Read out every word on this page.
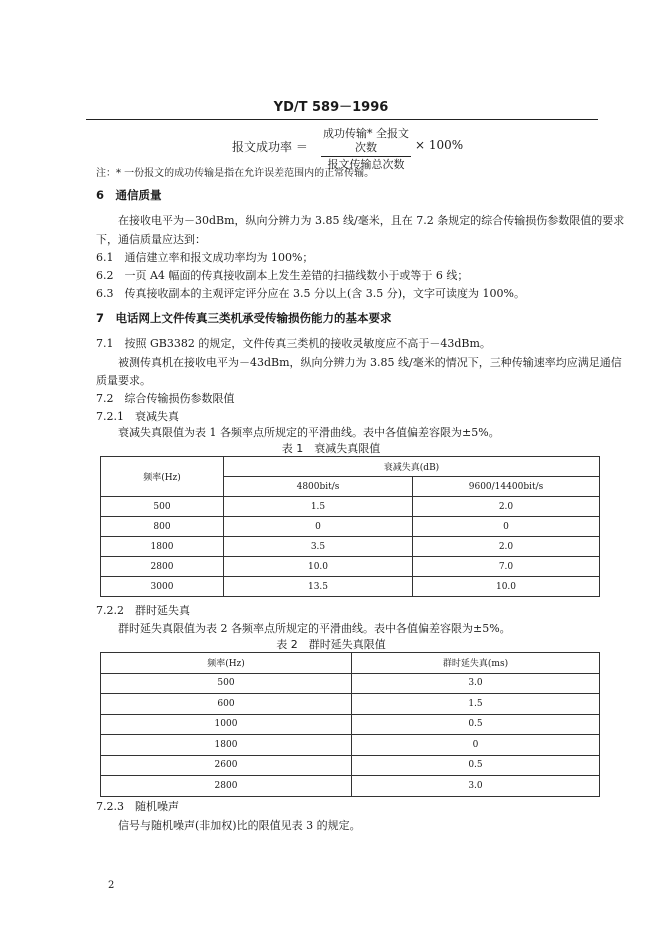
YD/T 589－1996
报文成功率 ＝
成功传输* 全报文次数
报文传输总次数
× 100%
注：* 一份报文的成功传输是指在允许误差范围内的正常传输。
6　通信质量
在接收电平为－30dBm，纵向分辨力为 3.85 线/毫米，且在 7.2 条规定的综合传输损伤参数限值的要求
下，通信质量应达到：
6.1　通信建立率和报文成功率均为 100%；
6.2　一页 A4 幅面的传真接收副本上发生差错的扫描线数小于或等于 6 线；
6.3　传真接收副本的主观评定评分应在 3.5 分以上(含 3.5 分)，文字可读度为 100%。
7　电话网上文件传真三类机承受传输损伤能力的基本要求
7.1　按照 GB3382 的规定，文件传真三类机的接收灵敏度应不高于－43dBm。
被测传真机在接收电平为－43dBm，纵向分辨力为 3.85 线/毫米的情况下，三种传输速率均应满足通信
质量要求。
7.2　综合传输损伤参数限值
7.2.1　衰减失真
衰减失真限值为表 1 各频率点所规定的平滑曲线。表中各值偏差容限为±5%。
表 1　衰减失真限值
频率(Hz)	衰减失真(dB)	
	4800bit/s	9600/14400bit/s
500	1.5	2.0
800	0	0
1800	3.5	2.0
2800	10.0	7.0
3000	13.5	10.0
7.2.2　群时延失真
群时延失真限值为表 2 各频率点所规定的平滑曲线。表中各值偏差容限为±5%。
表 2　群时延失真限值
频率(Hz)	群时延失真(ms)
500	3.0
600	1.5
1000	0.5
1800	0
2600	0.5
2800	3.0
7.2.3　随机噪声
信号与随机噪声(非加权)比的限值见表 3 的规定。
2
